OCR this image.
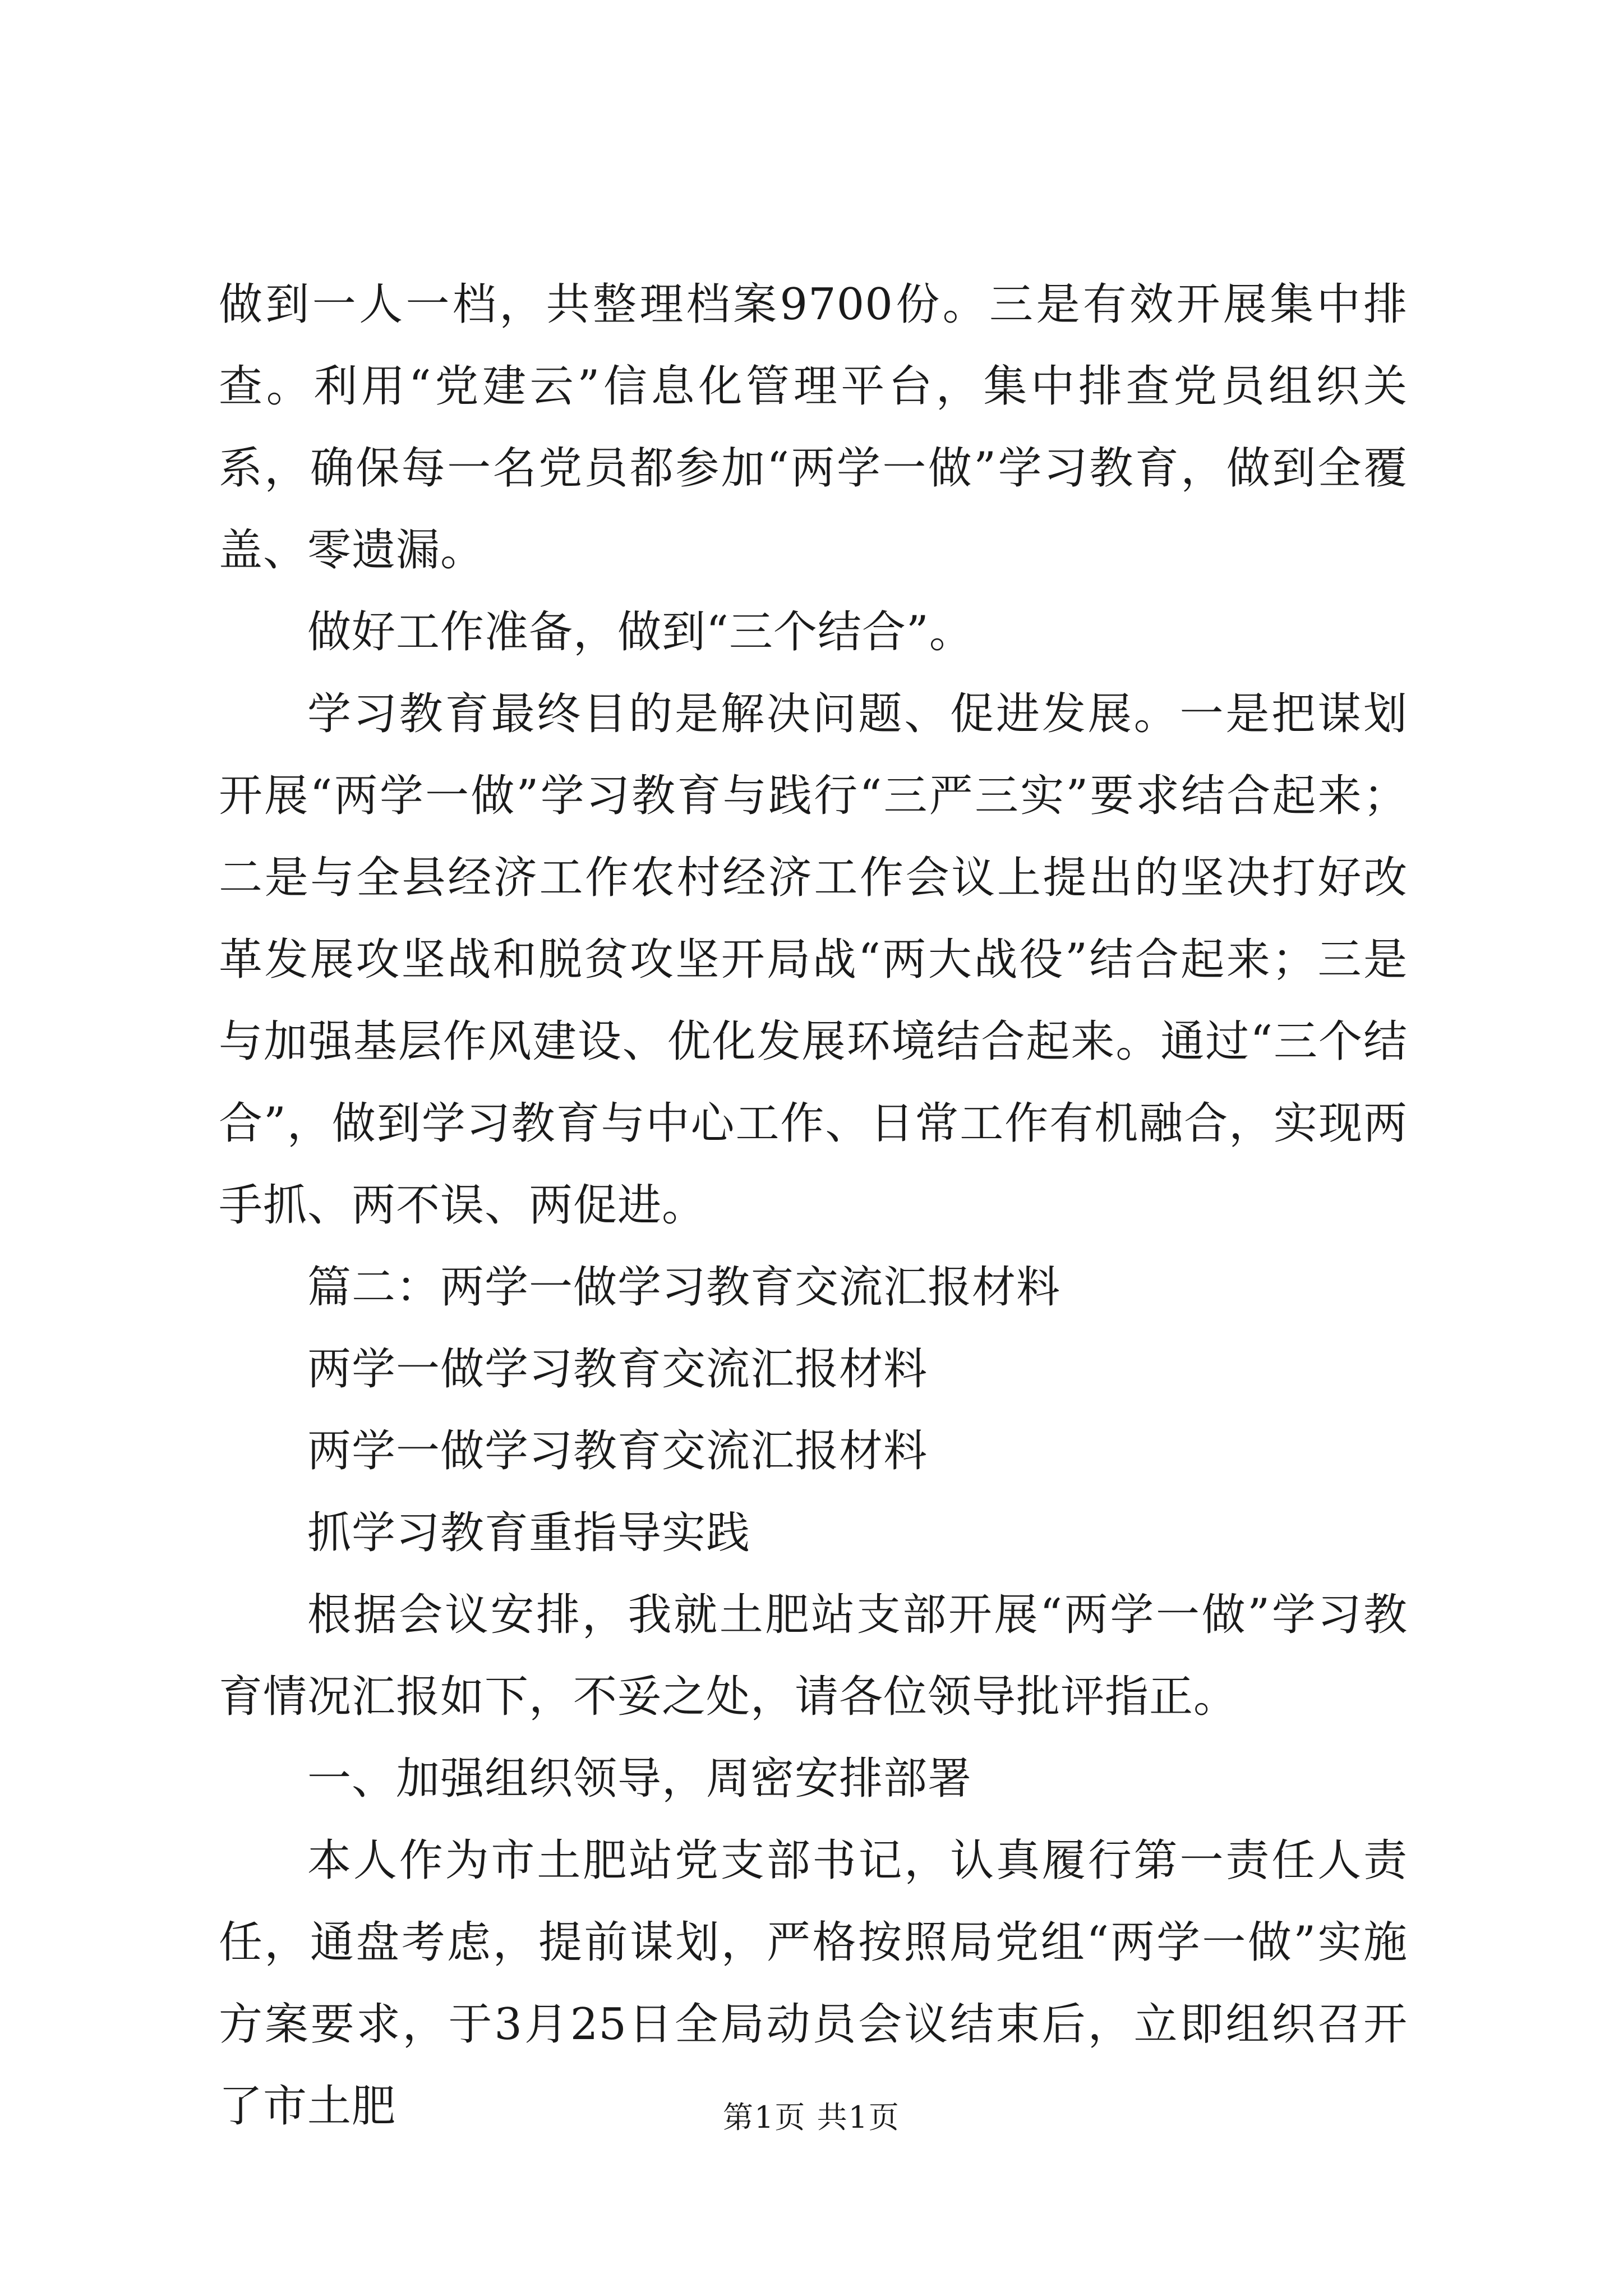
做到一人一档，共整理档案9700份。三是有效开展集中排查。利用“党建云”信息化管理平台，集中排查党员组织关系，确保每一名党员都参加“两学一做”学习教育，做到全覆盖、零遗漏。

做好工作准备，做到“三个结合”。

学习教育最终目的是解决问题、促进发展。一是把谋划开展“两学一做”学习教育与践行“三严三实”要求结合起来；二是与全县经济工作农村经济工作会议上提出的坚决打好改革发展攻坚战和脱贫攻坚开局战“两大战役”结合起来；三是与加强基层作风建设、优化发展环境结合起来。通过“三个结合”，做到学习教育与中心工作、日常工作有机融合，实现两手抓、两不误、两促进。

篇二：两学一做学习教育交流汇报材料

两学一做学习教育交流汇报材料

两学一做学习教育交流汇报材料

抓学习教育重指导实践

根据会议安排，我就土肥站支部开展“两学一做”学习教育情况汇报如下，不妥之处，请各位领导批评指正。

一、加强组织领导，周密安排部署

本人作为市土肥站党支部书记，认真履行第一责任人责任，通盘考虑，提前谋划，严格按照局党组“两学一做”实施方案要求，于3月25日全局动员会议结束后，立即组织召开了市土肥	第1页 共1页
